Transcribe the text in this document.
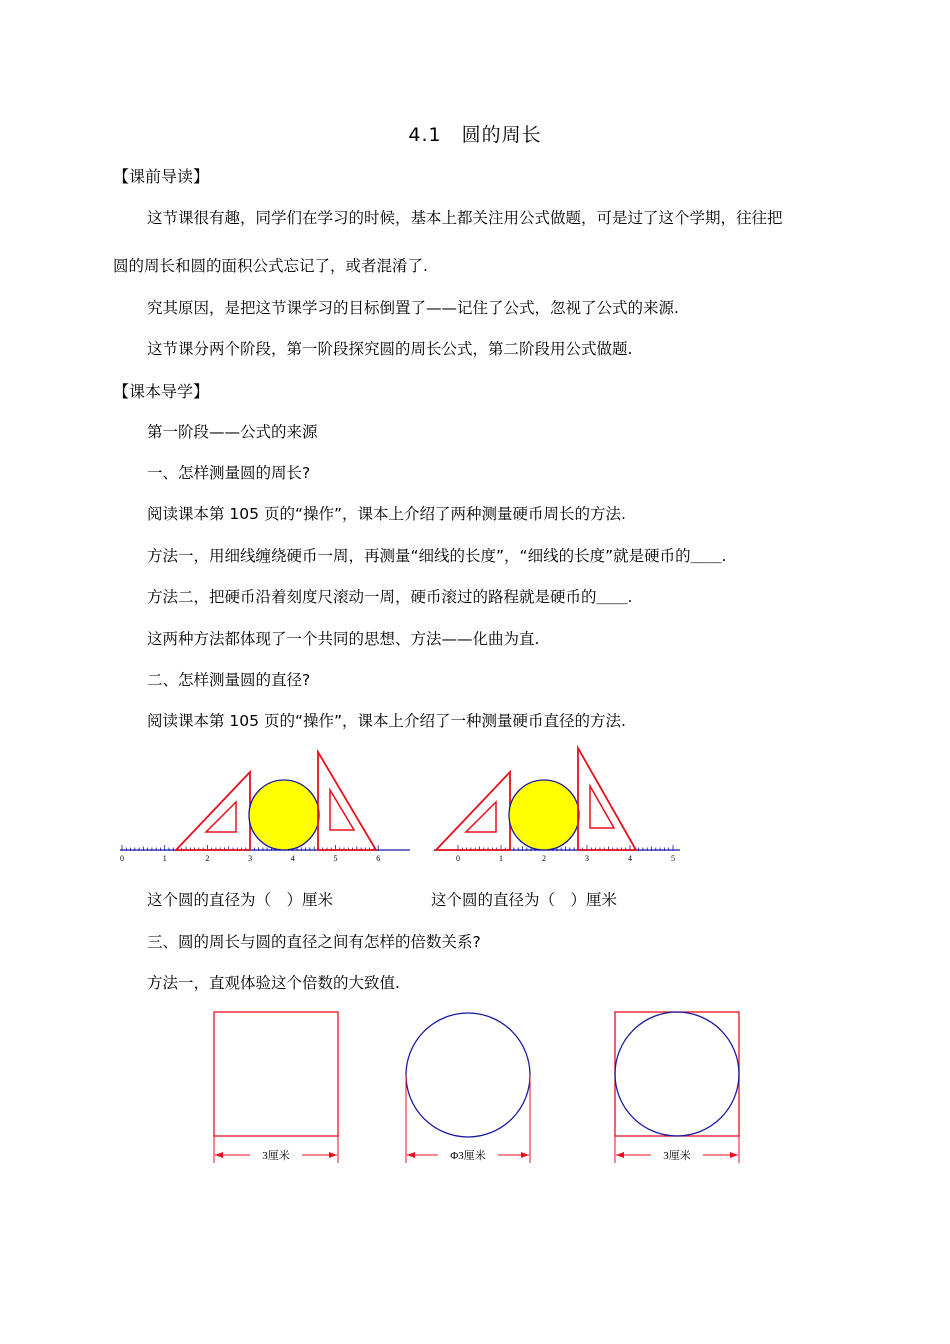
4.1　圆的周长
【课前导读】
这节课很有趣，同学们在学习的时候，基本上都关注用公式做题，可是过了这个学期，往往把
圆的周长和圆的面积公式忘记了，或者混淆了.
究其原因，是把这节课学习的目标倒置了——记住了公式，忽视了公式的来源.
这节课分两个阶段，第一阶段探究圆的周长公式，第二阶段用公式做题.
【课本导学】
第一阶段——公式的来源
一、怎样测量圆的周长?
阅读课本第 105 页的“操作”，课本上介绍了两种测量硬币周长的方法.
方法一，用细线缠绕硬币一周，再测量“细线的长度”，“细线的长度”就是硬币的＿＿.
方法二，把硬币沿着刻度尺滚动一周，硬币滚过的路程就是硬币的＿＿.
这两种方法都体现了一个共同的思想、方法——化曲为直.
二、怎样测量圆的直径?
阅读课本第 105 页的“操作”，课本上介绍了一种测量硬币直径的方法.
0	1	2	3	4	5	6	0	1	2	3	4	5
这个圆的直径为（　）厘米	这个圆的直径为（　）厘米
三、圆的周长与圆的直径之间有怎样的倍数关系?
方法一，直观体验这个倍数的大致值.
3厘米	Φ3厘米	3厘米
